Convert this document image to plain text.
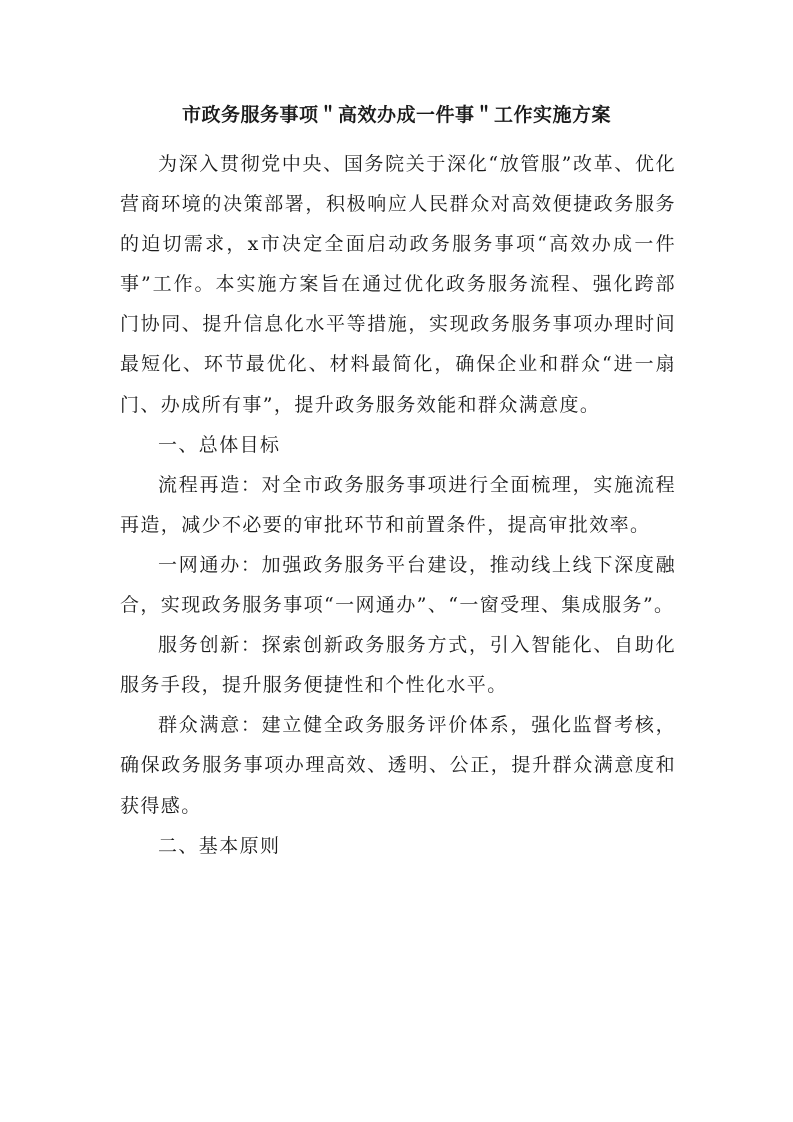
市政务服务事项＂高效办成一件事＂工作实施方案

为深入贯彻党中央、国务院关于深化“放管服”改革、优化营商环境的决策部署，积极响应人民群众对高效便捷政务服务的迫切需求，x市决定全面启动政务服务事项“高效办成一件事”工作。本实施方案旨在通过优化政务服务流程、强化跨部门协同、提升信息化水平等措施，实现政务服务事项办理时间最短化、环节最优化、材料最简化，确保企业和群众“进一扇门、办成所有事”，提升政务服务效能和群众满意度。

一、总体目标

流程再造：对全市政务服务事项进行全面梳理，实施流程再造，减少不必要的审批环节和前置条件，提高审批效率。

一网通办：加强政务服务平台建设，推动线上线下深度融合，实现政务服务事项“一网通办”、“一窗受理、集成服务”。

服务创新：探索创新政务服务方式，引入智能化、自助化服务手段，提升服务便捷性和个性化水平。

群众满意：建立健全政务服务评价体系，强化监督考核，确保政务服务事项办理高效、透明、公正，提升群众满意度和获得感。

二、基本原则
